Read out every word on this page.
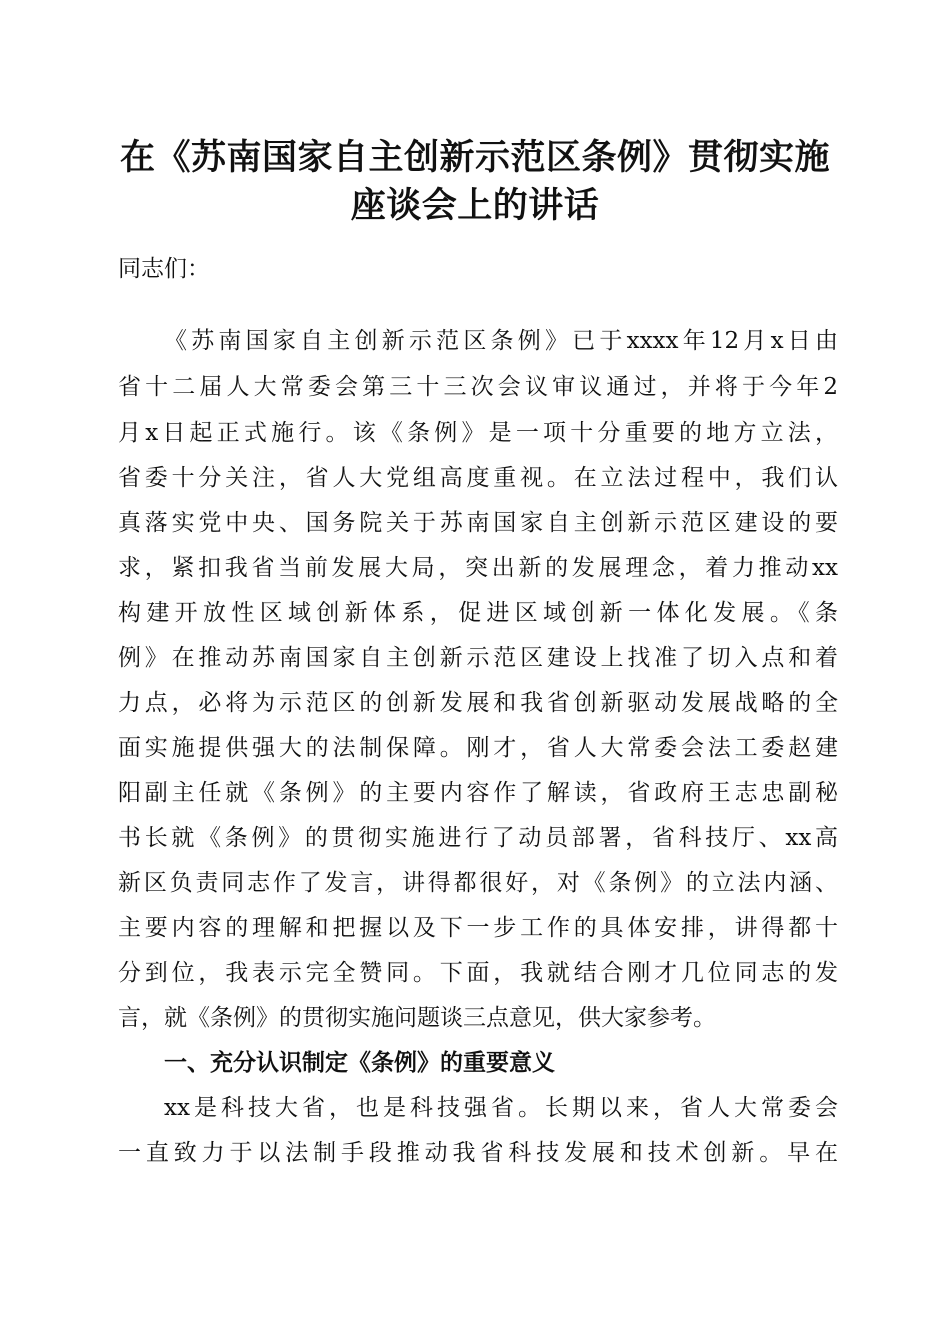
在《苏南国家自主创新示范区条例》贯彻实施
座谈会上的讲话
同志们：
《苏南国家自主创新示范区条例》已于xxxx年12月x日由
省十二届人大常委会第三十三次会议审议通过，并将于今年2
月x日起正式施行。该《条例》是一项十分重要的地方立法，
省委十分关注，省人大党组高度重视。在立法过程中，我们认
真落实党中央、国务院关于苏南国家自主创新示范区建设的要
求，紧扣我省当前发展大局，突出新的发展理念，着力推动xx
构建开放性区域创新体系，促进区域创新一体化发展。《条
例》在推动苏南国家自主创新示范区建设上找准了切入点和着
力点，必将为示范区的创新发展和我省创新驱动发展战略的全
面实施提供强大的法制保障。刚才，省人大常委会法工委赵建
阳副主任就《条例》的主要内容作了解读，省政府王志忠副秘
书长就《条例》的贯彻实施进行了动员部署，省科技厅、xx高
新区负责同志作了发言，讲得都很好，对《条例》的立法内涵、
主要内容的理解和把握以及下一步工作的具体安排，讲得都十
分到位，我表示完全赞同。下面，我就结合刚才几位同志的发
言，就《条例》的贯彻实施问题谈三点意见，供大家参考。
一、充分认识制定《条例》的重要意义
xx是科技大省，也是科技强省。长期以来，省人大常委会
一直致力于以法制手段推动我省科技发展和技术创新。早在
